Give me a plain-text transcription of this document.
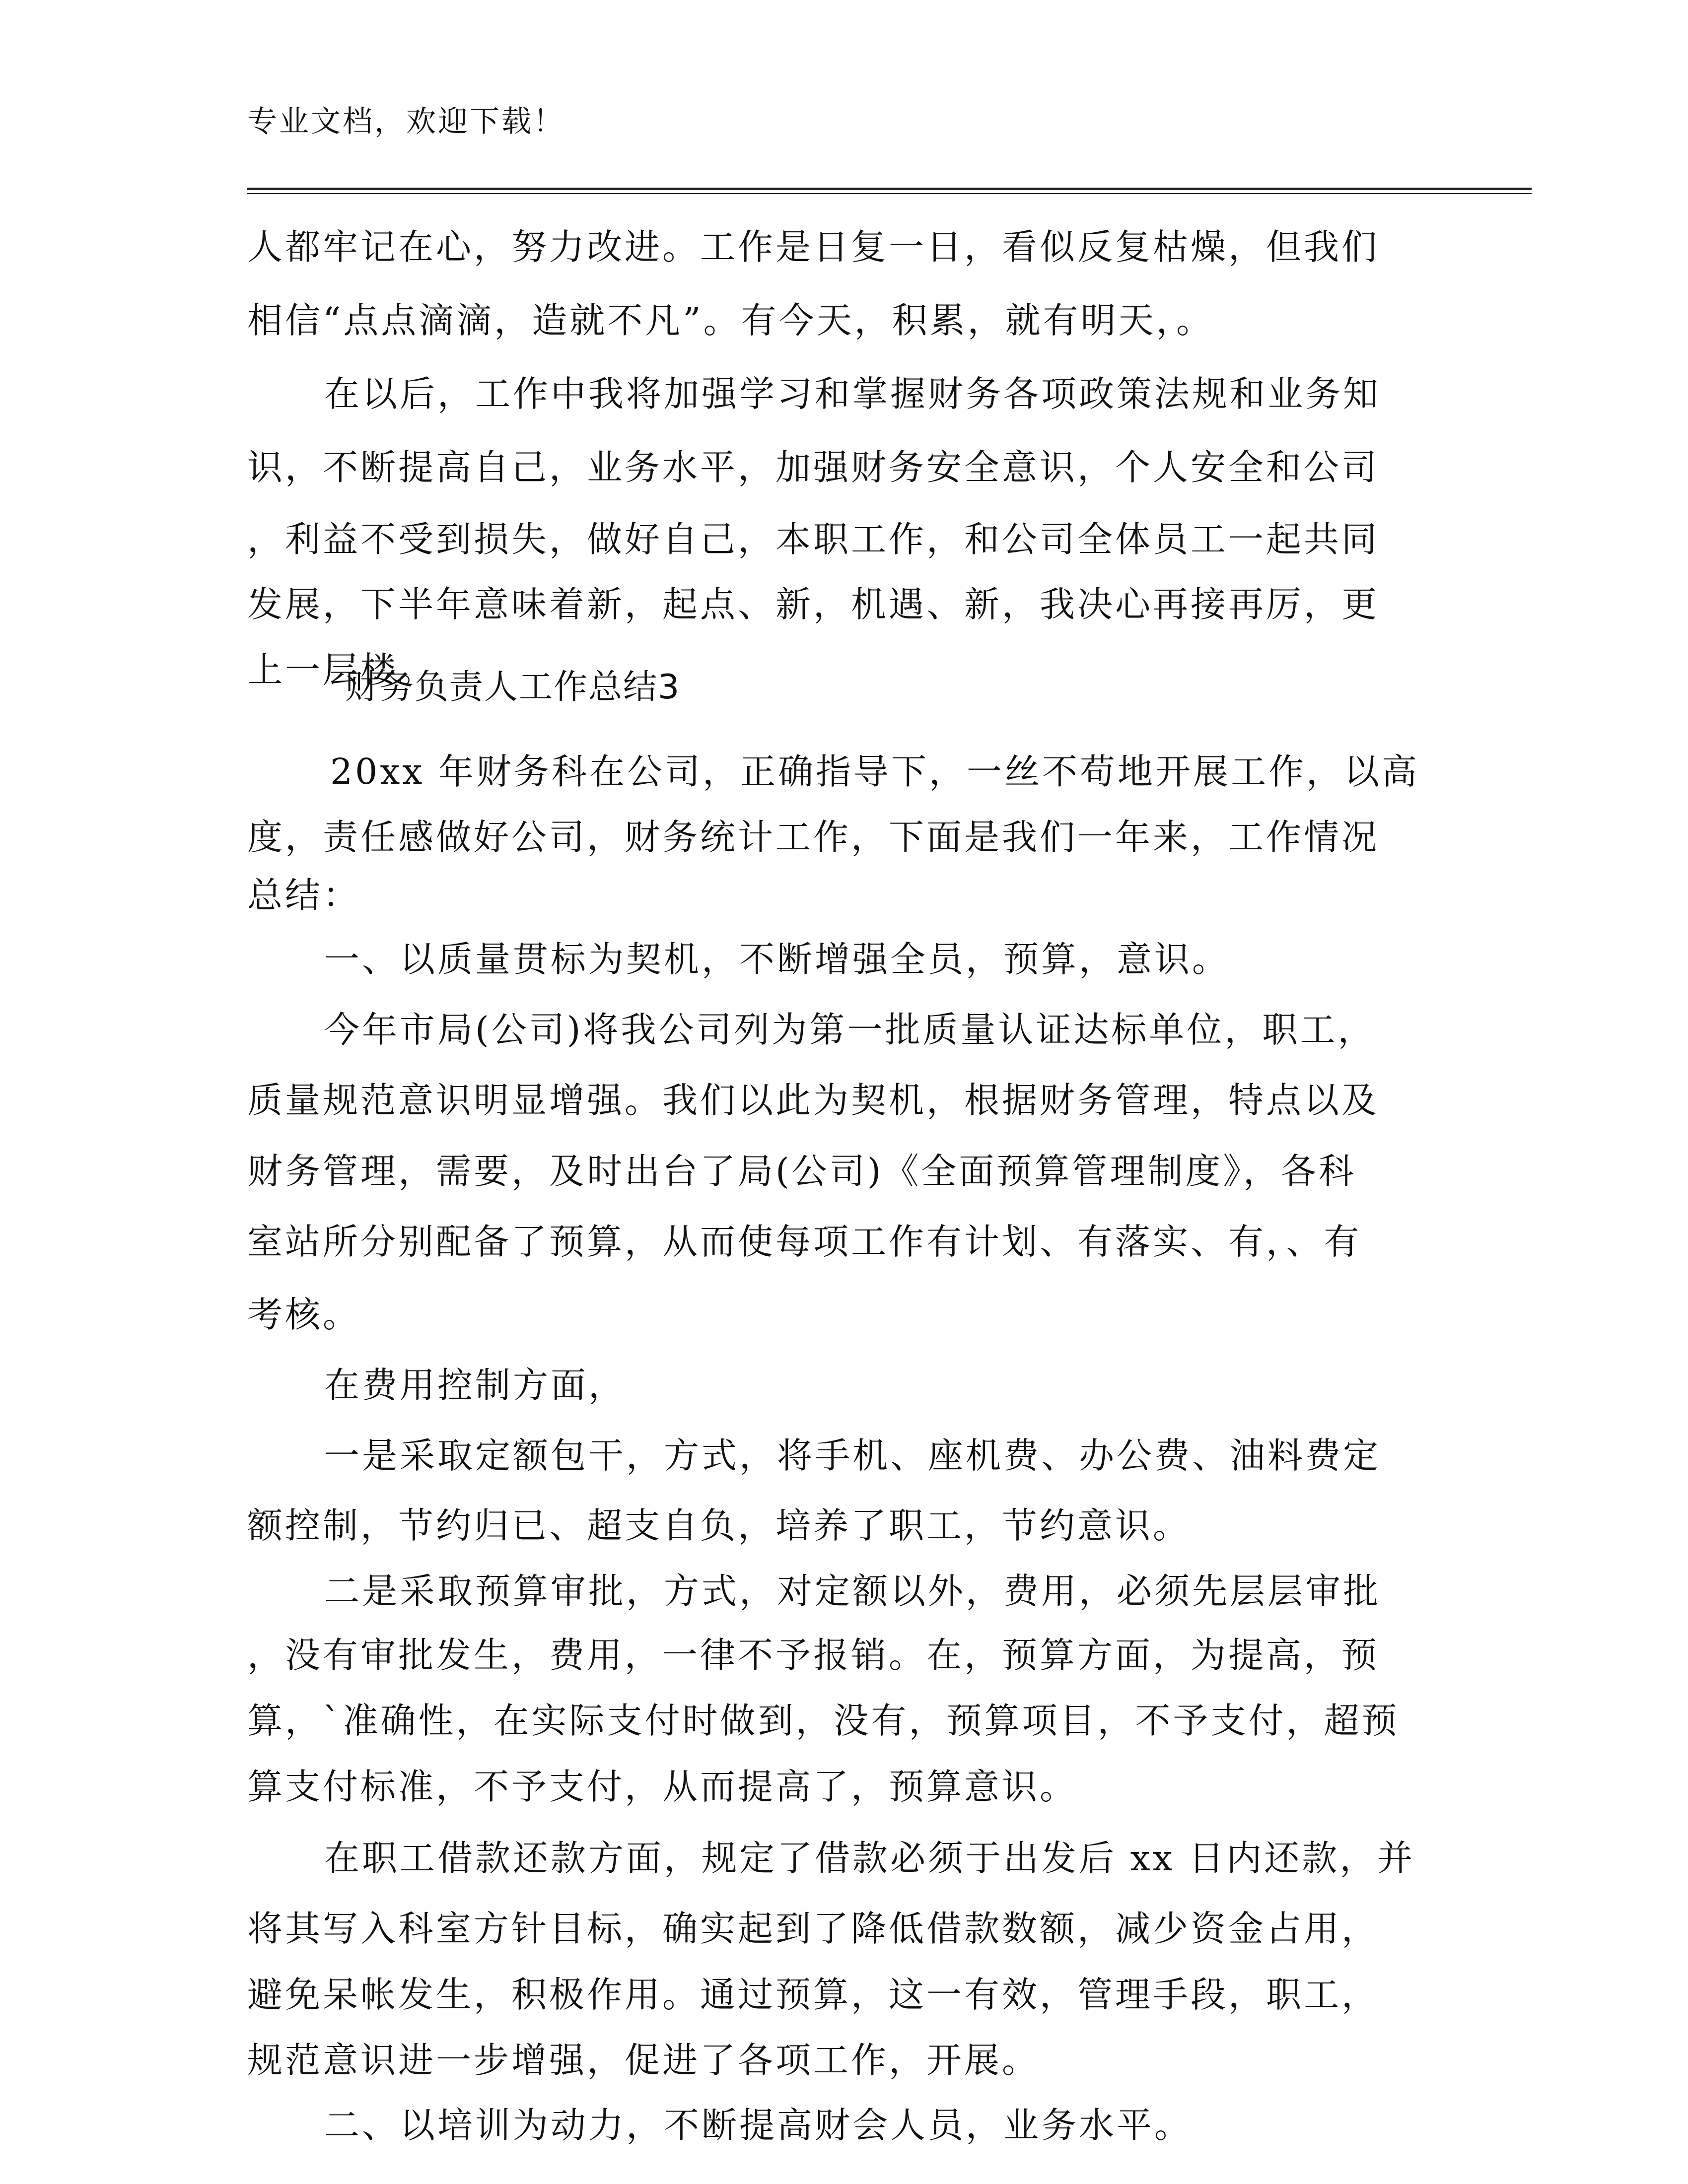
专业文档，欢迎下载！
人都牢记在心，努力改进。工作是日复一日，看似反复枯燥，但我们
相信“点点滴滴，造就不凡”。有今天，积累，就有明天，。
在以后，工作中我将加强学习和掌握财务各项政策法规和业务知
识，不断提高自己，业务水平，加强财务安全意识，个人安全和公司
，利益不受到损失，做好自己，本职工作，和公司全体员工一起共同
发展，下半年意味着新，起点、新，机遇、新，我决心再接再厉，更
上一层楼。
财务负责人工作总结3
20xx 年财务科在公司，正确指导下，一丝不苟地开展工作，以高
度，责任感做好公司，财务统计工作，下面是我们一年来，工作情况
总结：
一、以质量贯标为契机，不断增强全员，预算，意识。
今年市局(公司)将我公司列为第一批质量认证达标单位，职工，
质量规范意识明显增强。我们以此为契机，根据财务管理，特点以及
财务管理，需要，及时出台了局(公司)《全面预算管理制度》，各科
室站所分别配备了预算，从而使每项工作有计划、有落实、有，、有
考核。
在费用控制方面，
一是采取定额包干，方式，将手机、座机费、办公费、油料费定
额控制，节约归已、超支自负，培养了职工，节约意识。
二是采取预算审批，方式，对定额以外，费用，必须先层层审批
，没有审批发生，费用，一律不予报销。在，预算方面，为提高，预
算，`准确性，在实际支付时做到，没有，预算项目，不予支付，超预
算支付标准，不予支付，从而提高了，预算意识。
在职工借款还款方面，规定了借款必须于出发后 xx 日内还款，并
将其写入科室方针目标，确实起到了降低借款数额，减少资金占用，
避免呆帐发生，积极作用。通过预算，这一有效，管理手段，职工，
规范意识进一步增强，促进了各项工作，开展。
二、以培训为动力，不断提高财会人员，业务水平。
